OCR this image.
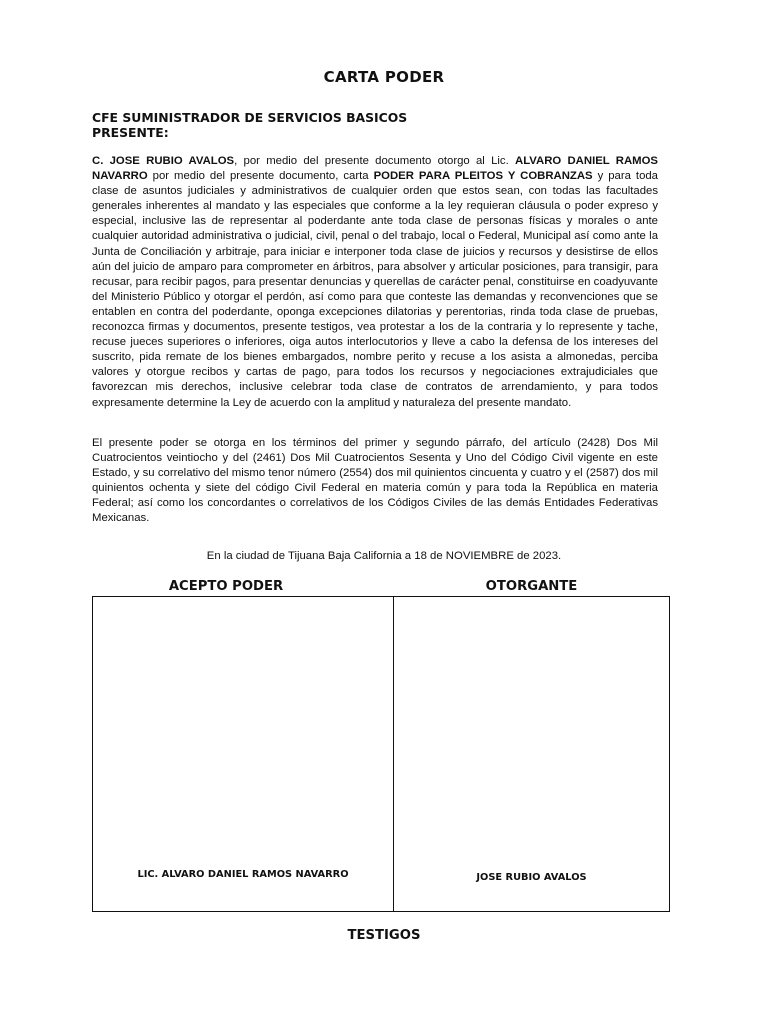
CARTA PODER
CFE SUMINISTRADOR DE SERVICIOS BASICOS
PRESENTE:
C. JOSE RUBIO AVALOS, por medio del presente documento otorgo al Lic. ALVARO DANIEL RAMOS NAVARRO por medio del presente documento, carta PODER PARA PLEITOS Y COBRANZAS y para toda clase de asuntos judiciales y administrativos de cualquier orden que estos sean, con todas las facultades generales inherentes al mandato y las especiales que conforme a la ley requieran cláusula o poder expreso y especial, inclusive las de representar al poderdante ante toda clase de personas físicas y morales o ante cualquier autoridad administrativa o judicial, civil, penal o del trabajo, local o Federal, Municipal así como ante la Junta de Conciliación y arbitraje, para iniciar e interponer toda clase de juicios y recursos y desistirse de ellos aún del juicio de amparo para comprometer en árbitros, para absolver y articular posiciones, para transigir, para recusar, para recibir pagos, para presentar denuncias y querellas de carácter penal, constituirse en coadyuvante del Ministerio Público y otorgar el perdón, así como para que conteste las demandas y reconvenciones que se entablen en contra del poderdante, oponga excepciones dilatorias y perentorias, rinda toda clase de pruebas, reconozca firmas y documentos, presente testigos, vea protestar a los de la contraria y lo represente y tache, recuse jueces superiores o inferiores, oiga autos interlocutorios y lleve a cabo la defensa de los intereses del suscrito, pida remate de los bienes embargados, nombre perito y recuse a los asista a almonedas, perciba valores y otorgue recibos y cartas de pago, para todos los recursos y negociaciones extrajudiciales que favorezcan mis derechos, inclusive celebrar toda clase de contratos de arrendamiento, y para todos expresamente determine la Ley de acuerdo con la amplitud y naturaleza del presente mandato.
El presente poder se otorga en los términos del primer y segundo párrafo, del artículo (2428) Dos Mil Cuatrocientos veintiocho y del (2461) Dos Mil Cuatrocientos Sesenta y Uno del Código Civil vigente en este Estado, y su correlativo del mismo tenor número (2554) dos mil quinientos cincuenta y cuatro y el (2587) dos mil quinientos ochenta y siete del código Civil Federal en materia común y para toda la República en materia Federal; así como los concordantes o correlativos de los Códigos Civiles de las demás Entidades Federativas Mexicanas.
En la ciudad de Tijuana Baja California a 18 de NOVIEMBRE de 2023.
ACEPTO PODER	OTORGANTE
LIC. ALVARO DANIEL RAMOS NAVARRO	JOSE RUBIO AVALOS
TESTIGOS
